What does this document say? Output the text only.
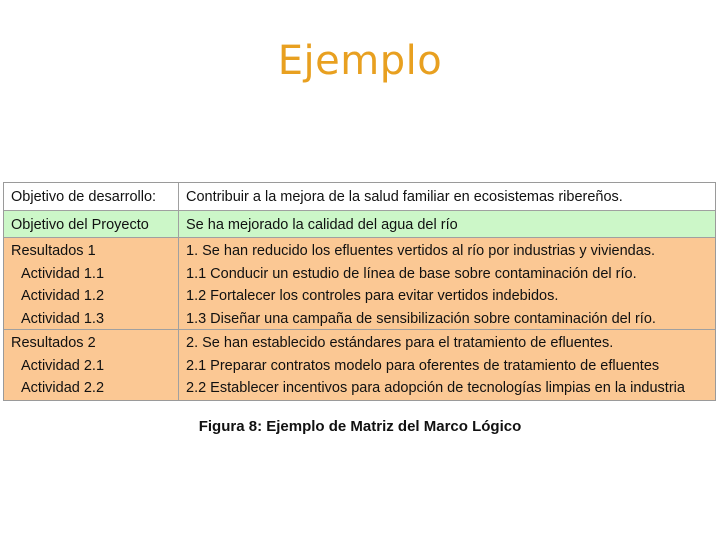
Ejemplo
Objetivo de desarrollo:	Contribuir a la mejora de la salud familiar en ecosistemas ribereños.
Objetivo del Proyecto	Se ha mejorado la calidad del agua del río
Resultados 1
Actividad 1.1
Actividad 1.2
Actividad 1.3
1. Se han reducido los efluentes vertidos al río por industrias y viviendas.
1.1 Conducir un estudio de línea de base sobre contaminación del río.
1.2 Fortalecer los controles para evitar vertidos indebidos.
1.3 Diseñar una campaña de sensibilización sobre contaminación del río.
Resultados 2
Actividad 2.1
Actividad 2.2
2. Se han establecido estándares para el tratamiento de efluentes.
2.1 Preparar contratos modelo para oferentes de tratamiento de efluentes
2.2 Establecer incentivos para adopción de tecnologías limpias en la industria
Figura 8: Ejemplo de Matriz del Marco Lógico
